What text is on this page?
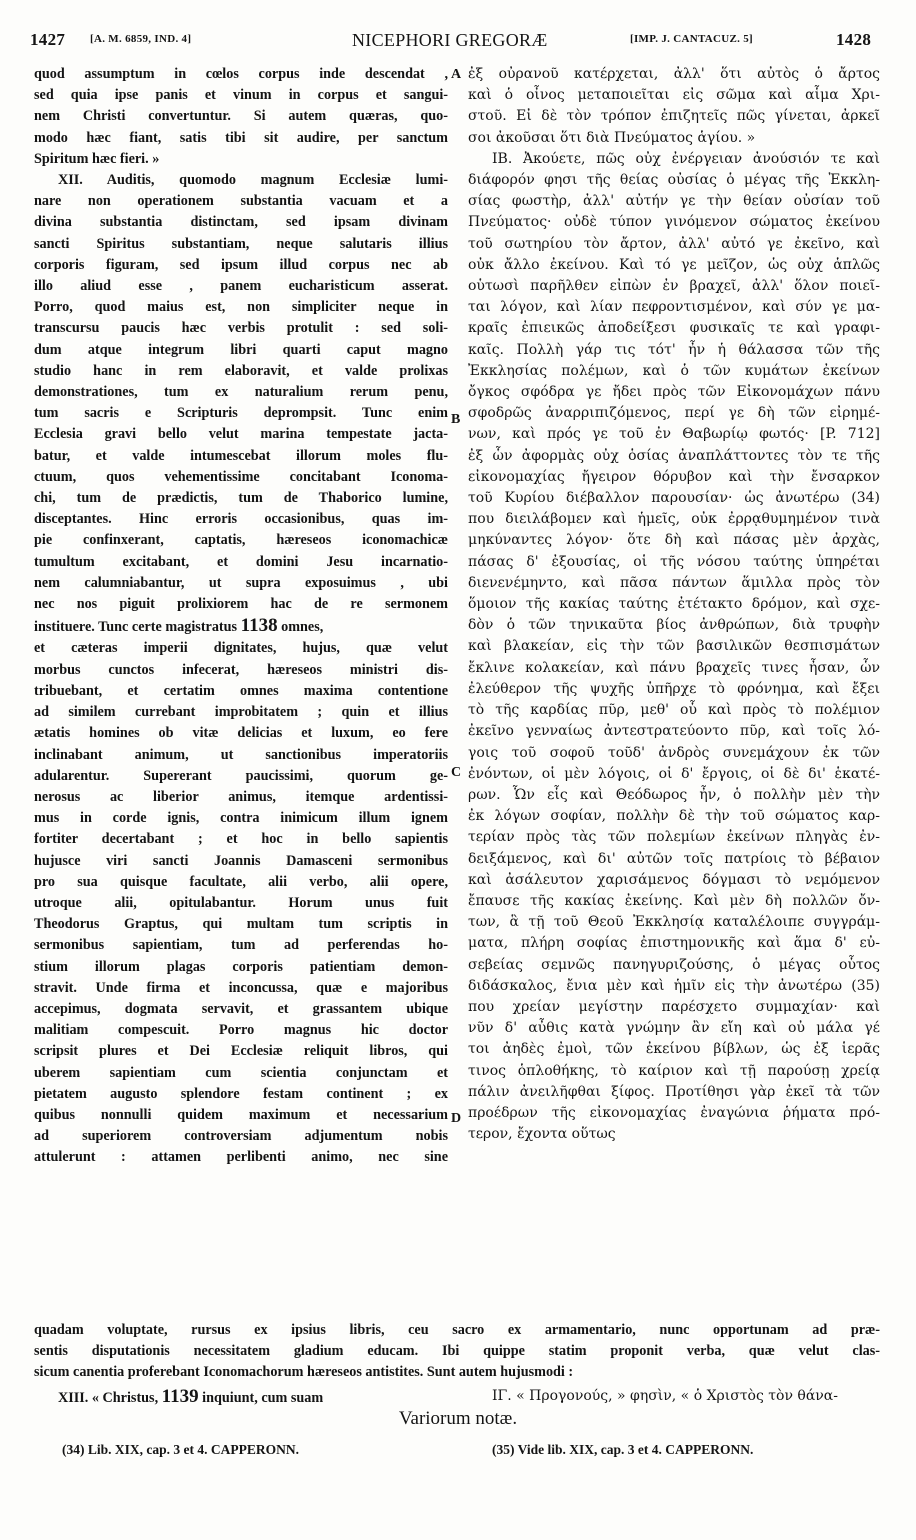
1427 [A. M. 6859, IND. 4]	NICEPHORI GREGORÆ	[IMP. J. CANTACUZ. 5]	1428
A
B
C
D
quod assumptum in cœlos corpus inde descendat ,
sed quia ipse panis et vinum in corpus et sangui-
nem Christi convertuntur. Si autem quæras, quo-
modo hæc fiant, satis tibi sit audire, per sanctum
Spiritum hæc fieri. »
XII. Auditis, quomodo magnum Ecclesiæ lumi-
nare non operationem substantia vacuam et a
divina substantia distinctam, sed ipsam divinam
sancti Spiritus substantiam, neque salutaris illius
corporis figuram, sed ipsum illud corpus nec ab
illo aliud esse , panem eucharisticum asserat.
Porro, quod maius est, non simpliciter neque in
transcursu paucis hæc verbis protulit : sed soli-
dum atque integrum libri quarti caput magno
studio hanc in rem elaboravit, et valde prolixas
demonstrationes, tum ex naturalium rerum penu,
tum sacris e Scripturis deprompsit. Tunc enim
Ecclesia gravi bello velut marina tempestate jacta-
batur, et valde intumescebat illorum moles flu-
ctuum, quos vehementissime concitabant Iconoma-
chi, tum de prædictis, tum de Thaborico lumine,
disceptantes. Hinc erroris occasionibus, quas im-
pie confinxerant, captatis, hæreseos iconomachicæ
tumultum excitabant, et domini Jesu incarnatio-
nem calumniabantur, ut supra exposuimus , ubi
nec nos piguit prolixiorem hac de re sermonem
instituere. Tunc certe magistratus 1138 omnes,
et cæteras imperii dignitates, hujus, quæ velut
morbus cunctos infecerat, hæreseos ministri dis-
tribuebant, et certatim omnes maxima contentione
ad similem currebant improbitatem ; quin et illius
ætatis homines ob vitæ delicias et luxum, eo fere
inclinabant animum, ut sanctionibus imperatoriis
adularentur. Supererant paucissimi, quorum ge-
nerosus ac liberior animus, itemque ardentissi-
mus in corde ignis, contra inimicum illum ignem
fortiter decertabant ; et hoc in bello sapientis
hujusce viri sancti Joannis Damasceni sermonibus
pro sua quisque facultate, alii verbo, alii opere,
utroque alii, opitulabantur. Horum unus fuit
Theodorus Graptus, qui multam tum scriptis in
sermonibus sapientiam, tum ad perferendas ho-
stium illorum plagas corporis patientiam demon-
stravit. Unde firma et inconcussa, quæ e majoribus
accepimus, dogmata servavit, et grassantem ubique
malitiam compescuit. Porro magnus hic doctor
scripsit plures et Dei Ecclesiæ reliquit libros, qui
uberem sapientiam cum scientia conjunctam et
pietatem augusto splendore festam continent ; ex
quibus nonnulli quidem maximum et necessarium
ad superiorem controversiam adjumentum nobis
attulerunt : attamen perlibenti animo, nec sine
ἐξ οὐρανοῦ κατέρχεται, ἀλλ' ὅτι αὐτὸς ὁ ἄρτος
καὶ ὁ οἶνος μεταποιεῖται εἰς σῶμα καὶ αἷμα Χρι-
στοῦ. Εἰ δὲ τὸν τρόπον ἐπιζητεῖς πῶς γίνεται, ἀρκεῖ
σοι ἀκοῦσαι ὅτι διὰ Πνεύματος ἁγίου. »
ΙΒ. Ἀκούετε, πῶς οὐχ ἐνέργειαν ἀνούσιόν τε καὶ
διάφορόν φησι τῆς θείας οὐσίας ὁ μέγας τῆς Ἐκκλη-
σίας φωστὴρ, ἀλλ' αὐτήν γε τὴν θείαν οὐσίαν τοῦ
Πνεύματος· οὐδὲ τύπον γινόμενον σώματος ἐκείνου
τοῦ σωτηρίου τὸν ἄρτον, ἀλλ' αὐτό γε ἐκεῖνο, καὶ
οὐκ ἄλλο ἐκείνου. Καὶ τό γε μεῖζον, ὡς οὐχ ἁπλῶς
οὑτωσὶ παρῆλθεν εἰπὼν ἐν βραχεῖ, ἀλλ' ὅλον ποιεῖ-
ται λόγον, καὶ λίαν πεφροντισμένον, καὶ σύν γε μα-
κραῖς ἐπιεικῶς ἀποδείξεσι φυσικαῖς τε καὶ γραφι-
καῖς. Πολλὴ γάρ τις τότ' ἦν ἡ θάλασσα τῶν τῆς
Ἐκκλησίας πολέμων, καὶ ὁ τῶν κυμάτων ἐκείνων
ὄγκος σφόδρα γε ἤδει πρὸς τῶν Εἰκονομάχων πάνυ
σφοδρῶς ἀναρριπιζόμενος, περί γε δὴ τῶν εἰρημέ-
νων, καὶ πρός γε τοῦ ἐν Θαβωρίῳ φωτός· [P. 712]
ἐξ ὧν ἀφορμὰς οὐχ ὁσίας ἀναπλάττοντες τὸν τε τῆς
εἰκονομαχίας ἤγειρον θόρυβον καὶ τὴν ἔνσαρκον
τοῦ Κυρίου διέβαλλον παρουσίαν· ὡς ἀνωτέρω (34)
που διειλάβομεν καὶ ἡμεῖς, οὐκ ἐρρᾳθυμημένον τινὰ
μηκύναντες λόγον· ὅτε δὴ καὶ πάσας μὲν ἀρχὰς,
πάσας δ' ἐξουσίας, οἱ τῆς νόσου ταύτης ὑπηρέται
διενενέμηντο, καὶ πᾶσα πάντων ἅμιλλα πρὸς τὸν
ὅμοιον τῆς κακίας ταύτης ἐτέτακτο δρόμον, καὶ σχε-
δὸν ὁ τῶν τηνικαῦτα βίος ἀνθρώπων, διὰ τρυφὴν
καὶ βλακείαν, εἰς τὴν τῶν βασιλικῶν θεσπισμάτων
ἔκλινε κολακείαν, καὶ πάνυ βραχεῖς τινες ἦσαν, ὧν
ἐλεύθερον τῆς ψυχῆς ὑπῆρχε τὸ φρόνημα, καὶ ἔξει
τὸ τῆς καρδίας πῦρ, μεθ' οὗ καὶ πρὸς τὸ πολέμιον
ἐκεῖνο γενναίως ἀντεστρατεύοντο πῦρ, καὶ τοῖς λό-
γοις τοῦ σοφοῦ τοῦδ' ἀνδρὸς συνεμάχουν ἐκ τῶν
ἐνόντων, οἱ μὲν λόγοις, οἱ δ' ἔργοις, οἱ δὲ δι' ἑκατέ-
ρων. Ὧν εἷς καὶ Θεόδωρος ἦν, ὁ πολλὴν μὲν τὴν
ἐκ λόγων σοφίαν, πολλὴν δὲ τὴν τοῦ σώματος καρ-
τερίαν πρὸς τὰς τῶν πολεμίων ἐκείνων πληγὰς ἐν-
δειξάμενος, καὶ δι' αὐτῶν τοῖς πατρίοις τὸ βέβαιον
καὶ ἀσάλευτον χαρισάμενος δόγμασι τὸ νεμόμενον
ἔπαυσε τῆς κακίας ἐκείνης. Καὶ μὲν δὴ πολλῶν ὄν-
των, ἃ τῇ τοῦ Θεοῦ Ἐκκλησίᾳ καταλέλοιπε συγγράμ-
ματα, πλήρη σοφίας ἐπιστημονικῆς καὶ ἅμα δ' εὐ-
σεβείας σεμνῶς πανηγυριζούσης, ὁ μέγας οὗτος
διδάσκαλος, ἔνια μὲν καὶ ἡμῖν εἰς τὴν ἀνωτέρω (35)
που χρείαν μεγίστην παρέσχετο συμμαχίαν· καὶ
νῦν δ' αὖθις κατὰ γνώμην ἂν εἴη καὶ οὐ μάλα γέ
τοι ἀηδὲς ἐμοὶ, τῶν ἐκείνου βίβλων, ὡς ἐξ ἱερᾶς
τινος ὁπλοθήκης, τὸ καίριον καὶ τῇ παρούσῃ χρείᾳ
πάλιν ἀνειλῆφθαι ξίφος. Προτίθησι γὰρ ἐκεῖ τὰ τῶν
προέδρων τῆς εἰκονομαχίας ἐναγώνια ῥήματα πρό-
τερον, ἔχοντα οὕτως
quadam voluptate, rursus ex ipsius libris, ceu sacro ex armamentario, nunc opportunam ad præ-
sentis disputationis necessitatem gladium educam. Ibi quippe statim proponit verba, quæ velut clas-
sicum canentia proferebant Iconomachorum hæreseos antistites. Sunt autem hujusmodi :
XIII. « Christus, 1139 inquiunt, cum suam	ΙΓ. « Προγονούς, » φησὶν, « ὁ Χριστὸς τὸν θάνα-
Variorum notæ.
(34) Lib. XIX, cap. 3 et 4. CAPPERONN.	(35) Vide lib. XIX, cap. 3 et 4. CAPPERONN.
